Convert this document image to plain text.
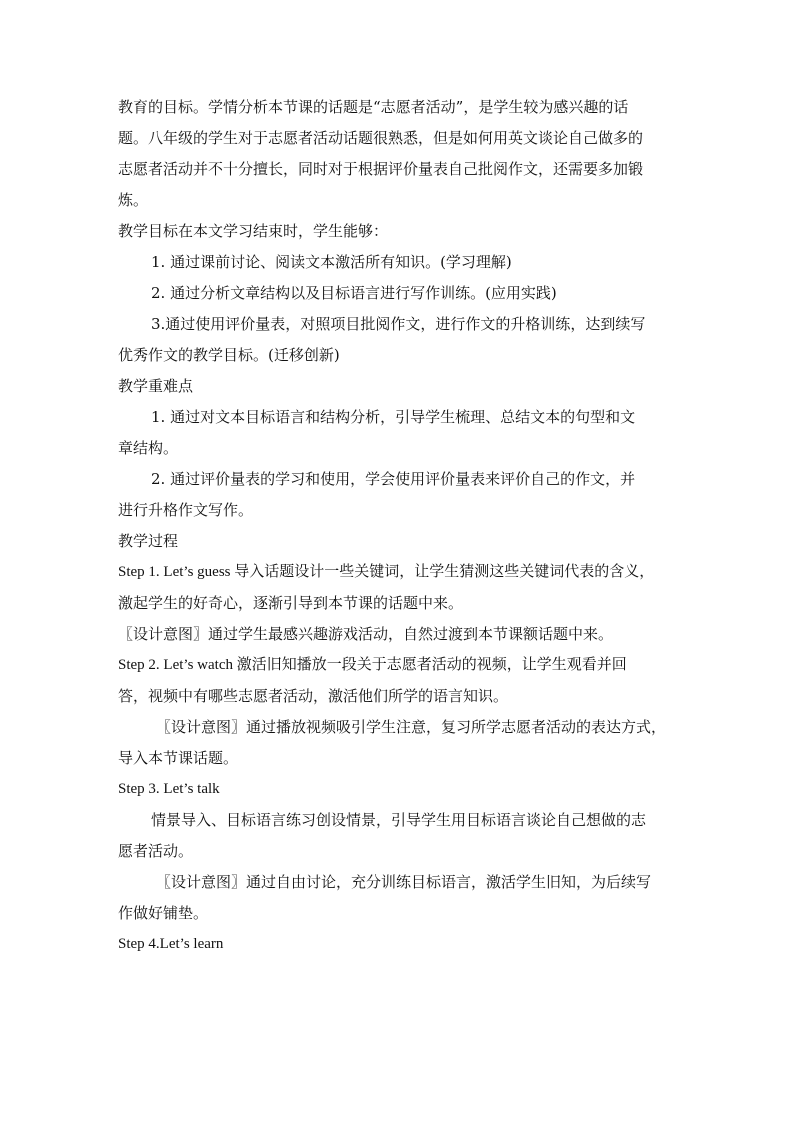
教育的目标。学情分析本节课的话题是“志愿者活动”，是学生较为感兴趣的话
题。八年级的学生对于志愿者活动话题很熟悉，但是如何用英文谈论自己做多的
志愿者活动并不十分擅长，同时对于根据评价量表自己批阅作文，还需要多加锻
炼。
教学目标在本文学习结束时，学生能够：
1. 通过课前讨论、阅读文本激活所有知识。(学习理解)
2. 通过分析文章结构以及目标语言进行写作训练。(应用实践)
3.通过使用评价量表，对照项目批阅作文，进行作文的升格训练，达到续写
优秀作文的教学目标。(迁移创新)
教学重难点
1. 通过对文本目标语言和结构分析，引导学生梳理、总结文本的句型和文
章结构。
2. 通过评价量表的学习和使用，学会使用评价量表来评价自己的作文，并
进行升格作文写作。
教学过程
Step 1. Let’s guess 导入话题设计一些关键词，让学生猜测这些关键词代表的含义，
激起学生的好奇心，逐渐引导到本节课的话题中来。
〖设计意图〗通过学生最感兴趣游戏活动，自然过渡到本节课额话题中来。
Step 2. Let’s watch 激活旧知播放一段关于志愿者活动的视频，让学生观看并回
答，视频中有哪些志愿者活动，激活他们所学的语言知识。
〖设计意图〗通过播放视频吸引学生注意，复习所学志愿者活动的表达方式，
导入本节课话题。
Step 3. Let’s talk
情景导入、目标语言练习创设情景，引导学生用目标语言谈论自己想做的志
愿者活动。
〖设计意图〗通过自由讨论，充分训练目标语言，激活学生旧知，为后续写
作做好铺垫。
Step 4.Let’s learn
